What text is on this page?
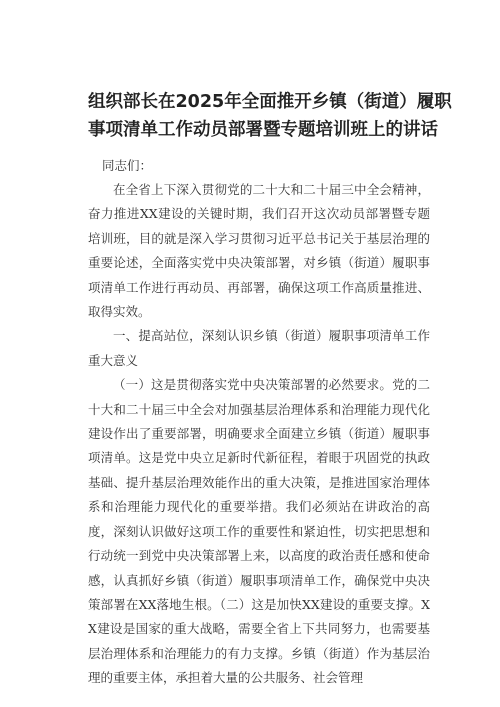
组织部长在2025年全面推开乡镇（街道）履职
事项清单工作动员部署暨专题培训班上的讲话

同志们：

在全省上下深入贯彻党的二十大和二十届三中全会精神，奋力推进XX建设的关键时期，我们召开这次动员部署暨专题培训班，目的就是深入学习贯彻习近平总书记关于基层治理的重要论述，全面落实党中央决策部署，对乡镇（街道）履职事项清单工作进行再动员、再部署，确保这项工作高质量推进、取得实效。

一、提高站位，深刻认识乡镇（街道）履职事项清单工作重大意义

（一）这是贯彻落实党中央决策部署的必然要求。党的二十大和二十届三中全会对加强基层治理体系和治理能力现代化建设作出了重要部署，明确要求全面建立乡镇（街道）履职事项清单。这是党中央立足新时代新征程，着眼于巩固党的执政基础、提升基层治理效能作出的重大决策，是推进国家治理体系和治理能力现代化的重要举措。我们必须站在讲政治的高度，深刻认识做好这项工作的重要性和紧迫性，切实把思想和行动统一到党中央决策部署上来，以高度的政治责任感和使命感，认真抓好乡镇（街道）履职事项清单工作，确保党中央决策部署在XX落地生根。（二）这是加快XX建设的重要支撑。XX建设是国家的重大战略，需要全省上下共同努力，也需要基层治理体系和治理能力的有力支撑。乡镇（街道）作为基层治理的重要主体，承担着大量的公共服务、社会管理
